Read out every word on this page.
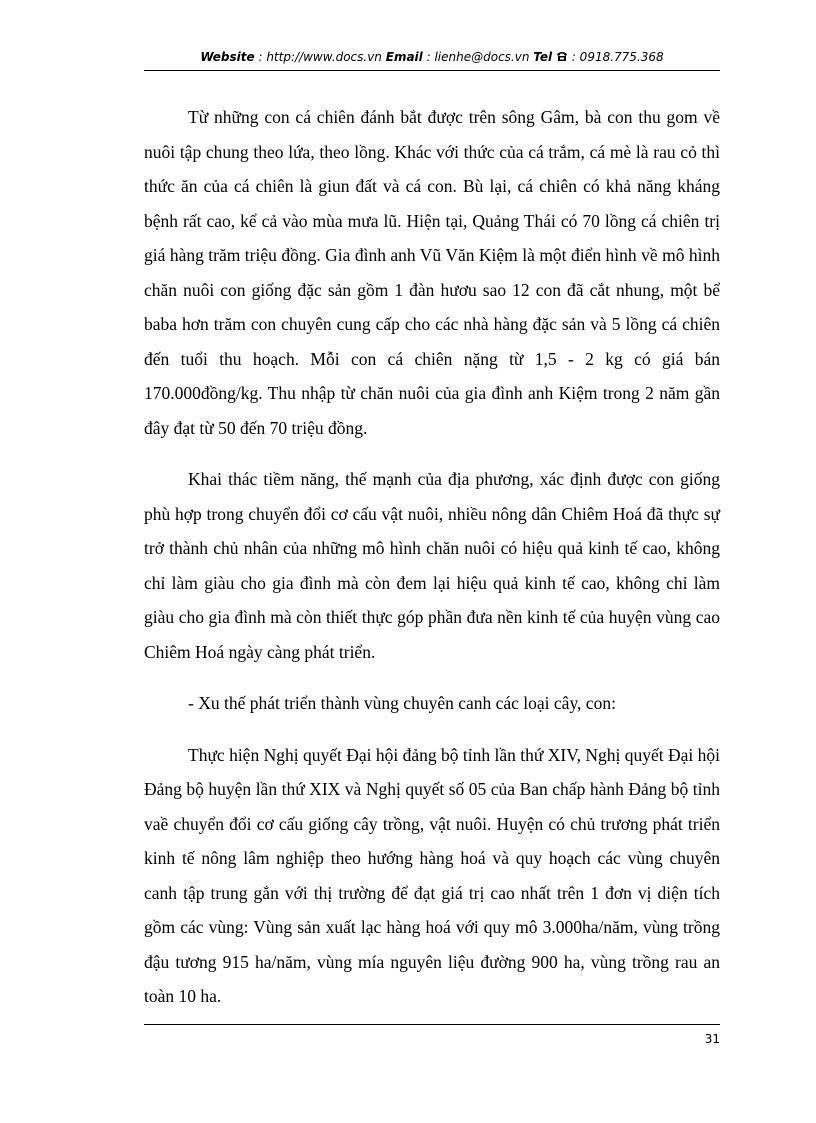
Website : http://www.docs.vn Email : lienhe@docs.vn Tel : 0918.775.368

Từ những con cá chiên đánh bắt được trên sông Gâm, bà con thu gom về nuôi tập chung theo lứa, theo lồng. Khác với thức của cá trắm, cá mè là rau cỏ thì thức ăn của cá chiên là giun đất và cá con. Bù lại, cá chiên có khả năng kháng bệnh rất cao, kể cả vào mùa mưa lũ. Hiện tại, Quảng Thái có 70 lồng cá chiên trị giá hàng trăm triệu đồng. Gia đình anh Vũ Văn Kiệm là một điển hình về mô hình chăn nuôi con giống đặc sản gồm 1 đàn hươu sao 12 con đã cắt nhung, một bể baba hơn trăm con chuyên cung cấp cho các nhà hàng đặc sản và 5 lồng cá chiên đến tuổi thu hoạch. Mỗi con cá chiên nặng từ 1,5 - 2 kg có giá bán 170.000đồng/kg. Thu nhập từ chăn nuôi của gia đình anh Kiệm trong 2 năm gần đây đạt từ 50 đến 70 triệu đồng.

Khai thác tiềm năng, thế mạnh của địa phương, xác định được con giống phù hợp trong chuyển đổi cơ cấu vật nuôi, nhiều nông dân Chiêm Hoá đã thực sự trở thành chủ nhân của những mô hình chăn nuôi có hiệu quả kinh tế cao, không chỉ làm giàu cho gia đình mà còn đem lại hiệu quả kinh tế cao, không chỉ làm giàu cho gia đình mà còn thiết thực góp phần đưa nền kinh tế của huyện vùng cao Chiêm Hoá ngày càng phát triển.

- Xu thế phát triển thành vùng chuyên canh các loại cây, con:

Thực hiện Nghị quyết Đại hội đảng bộ tỉnh lần thứ XIV, Nghị quyết Đại hội Đảng bộ huyện lần thứ XIX và Nghị quyết số 05 của Ban chấp hành Đảng bộ tỉnh vaề chuyển đổi cơ cấu giống cây trồng, vật nuôi. Huyện có chủ trương phát triển kinh tế nông lâm nghiệp theo hướng hàng hoá và quy hoạch các vùng chuyên canh tập trung gắn với thị trường để đạt giá trị cao nhất trên 1 đơn vị diện tích gồm các vùng: Vùng sản xuất lạc hàng hoá với quy mô 3.000ha/năm, vùng trồng đậu tương 915 ha/năm, vùng mía nguyên liệu đường 900 ha, vùng trồng rau an toàn 10 ha.

31
